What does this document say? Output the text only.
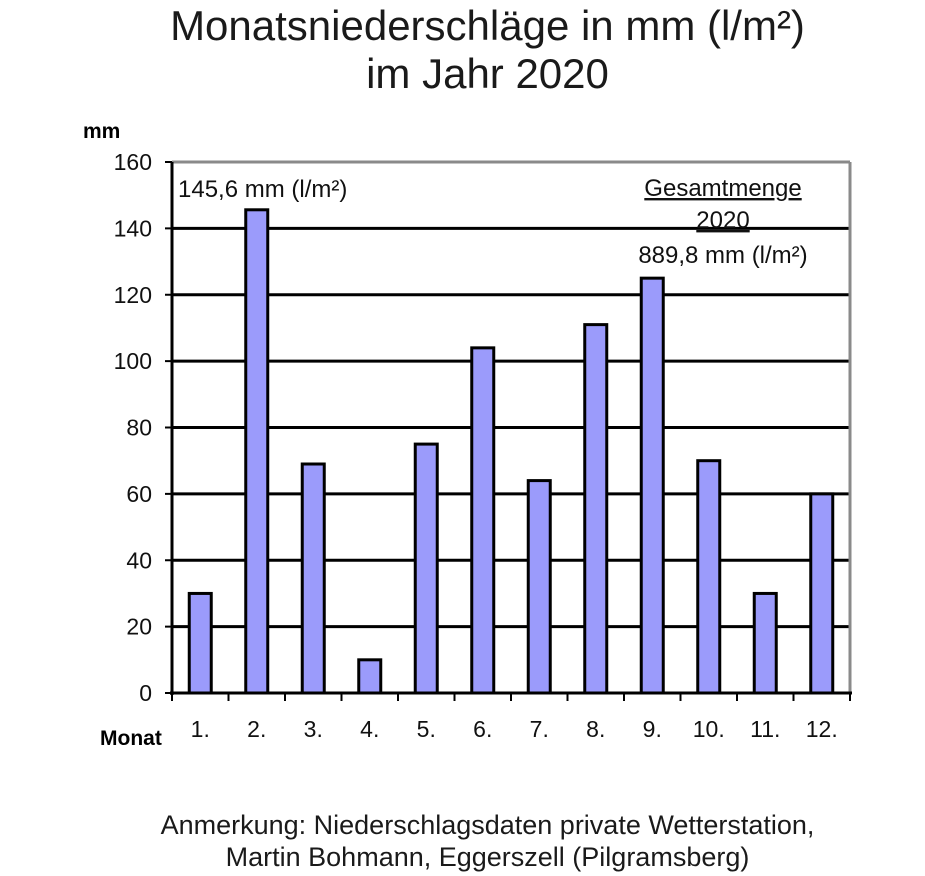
Monatsniederschläge in mm (l/m²)
im Jahr 2020
mm
Monat
145,6 mm (l/m²)	Gesamtmenge
2020
889,8 mm (l/m²)
0
20
40
60
80
100
120
140
160
1. 2. 3. 4. 5. 6. 7. 8. 9. 10. 11. 12.
Anmerkung: Niederschlagsdaten private Wetterstation,
Martin Bohmann, Eggerszell (Pilgramsberg)
